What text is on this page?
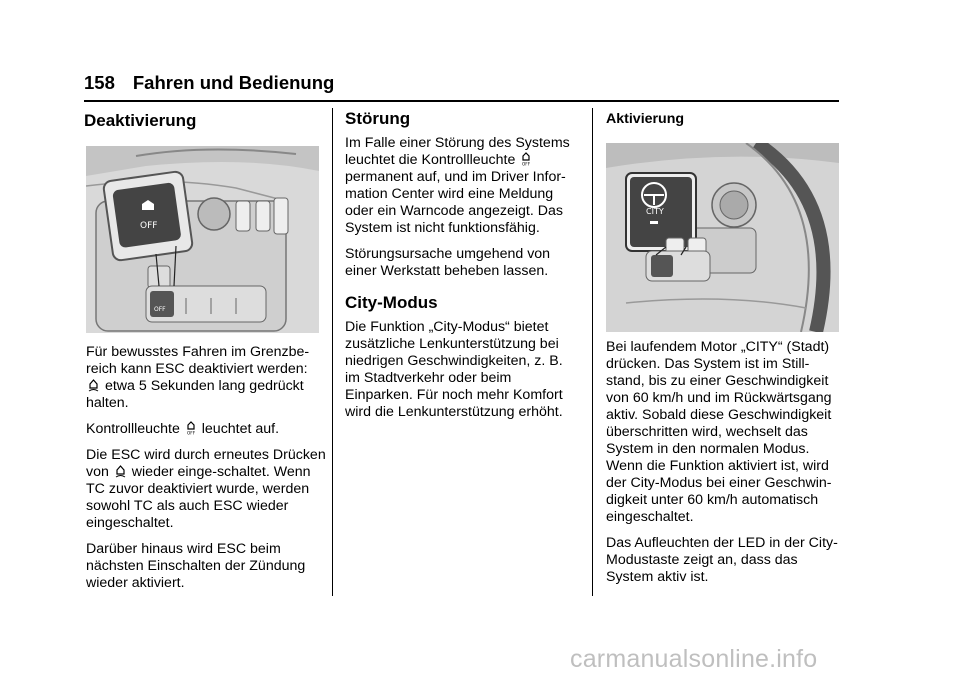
158 Fahren und Bedienung
Deaktivierung
OFF
OFF

Für bewusstes Fahren im Grenzbe-reich kann ESC deaktiviert werden:
etwa 5 Sekunden lang gedrückt halten.

Kontrollleuchte OFF leuchtet auf.

Die ESC wird durch erneutes Drücken von wieder einge-schaltet. Wenn TC zuvor deaktiviert wurde, werden sowohl TC als auch ESC wieder eingeschaltet.

Darüber hinaus wird ESC beim nächsten Einschalten der Zündung wieder aktiviert.

Störung

Im Falle einer Störung des Systems leuchtet die Kontrollleuchte OFF
permanent auf, und im Driver Infor-mation Center wird eine Meldung oder ein Warncode angezeigt. Das System ist nicht funktionsfähig.

Störungsursache umgehend von einer Werkstatt beheben lassen.

City-Modus

Die Funktion „City-Modus“ bietet zusätzliche Lenkunterstützung bei niedrigen Geschwindigkeiten, z. B. im Stadtverkehr oder beim Einparken. Für noch mehr Komfort wird die Lenkunterstützung erhöht.

Aktivierung
CITY

Bei laufendem Motor „CITY“ (Stadt) drücken. Das System ist im Still-stand, bis zu einer Geschwindigkeit von 60 km/h und im Rückwärtsgang aktiv. Sobald diese Geschwindigkeit überschritten wird, wechselt das System in den normalen Modus. Wenn die Funktion aktiviert ist, wird der City-Modus bei einer Geschwin-digkeit unter 60 km/h automatisch eingeschaltet.

Das Aufleuchten der LED in der City-Modustaste zeigt an, dass das System aktiv ist.

carmanualsonline.info
